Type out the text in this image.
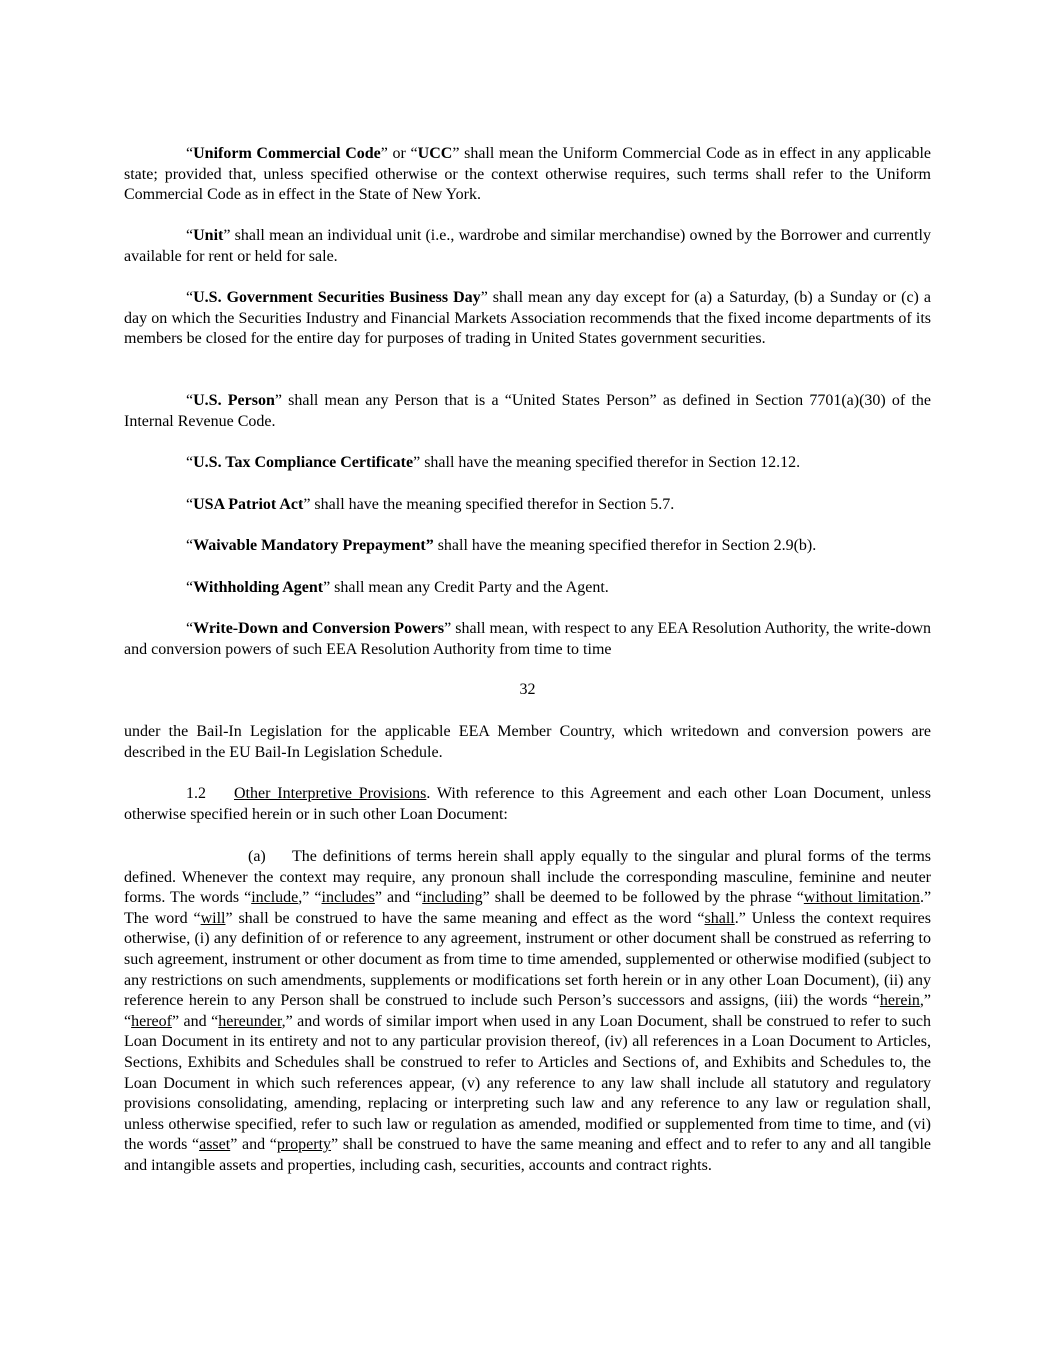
“Uniform Commercial Code” or “UCC” shall mean the Uniform Commercial Code as in effect in any applicable state; provided that, unless specified otherwise or the context otherwise requires, such terms shall refer to the Uniform Commercial Code as in effect in the State of New York.

“Unit” shall mean an individual unit (i.e., wardrobe and similar merchandise) owned by the Borrower and currently available for rent or held for sale.

“U.S. Government Securities Business Day” shall mean any day except for (a) a Saturday, (b) a Sunday or (c) a day on which the Securities Industry and Financial Markets Association recommends that the fixed income departments of its members be closed for the entire day for purposes of trading in United States government securities.

“U.S. Person” shall mean any Person that is a “United States Person” as defined in Section 7701(a)(30) of the Internal Revenue Code.

“U.S. Tax Compliance Certificate” shall have the meaning specified therefor in Section 12.12.

“USA Patriot Act” shall have the meaning specified therefor in Section 5.7.

“Waivable Mandatory Prepayment” shall have the meaning specified therefor in Section 2.9(b).

“Withholding Agent” shall mean any Credit Party and the Agent.

“Write-Down and Conversion Powers” shall mean, with respect to any EEA Resolution Authority, the write-down and conversion powers of such EEA Resolution Authority from time to time

under the Bail-In Legislation for the applicable EEA Member Country, which writedown and conversion powers are described in the EU Bail-In Legislation Schedule.

1.2 Other Interpretive Provisions. With reference to this Agreement and each other Loan Document, unless otherwise specified herein or in such other Loan Document:

(a) The definitions of terms herein shall apply equally to the singular and plural forms of the terms defined. Whenever the context may require, any pronoun shall include the corresponding masculine, feminine and neuter forms. The words “include,” “includes” and “including” shall be deemed to be followed by the phrase “without limitation.” The word “will” shall be construed to have the same meaning and effect as the word “shall.” Unless the context requires otherwise, (i) any definition of or reference to any agreement, instrument or other document shall be construed as referring to such agreement, instrument or other document as from time to time amended, supplemented or otherwise modified (subject to any restrictions on such amendments, supplements or modifications set forth herein or in any other Loan Document), (ii) any reference herein to any Person shall be construed to include such Person’s successors and assigns, (iii) the words “herein,” “hereof” and “hereunder,” and words of similar import when used in any Loan Document, shall be construed to refer to such Loan Document in its entirety and not to any particular provision thereof, (iv) all references in a Loan Document to Articles, Sections, Exhibits and Schedules shall be construed to refer to Articles and Sections of, and Exhibits and Schedules to, the Loan Document in which such references appear, (v) any reference to any law shall include all statutory and regulatory provisions consolidating, amending, replacing or interpreting such law and any reference to any law or regulation shall, unless otherwise specified, refer to such law or regulation as amended, modified or supplemented from time to time, and (vi) the words “asset” and “property” shall be construed to have the same meaning and effect and to refer to any and all tangible and intangible assets and properties, including cash, securities, accounts and contract rights.

32
